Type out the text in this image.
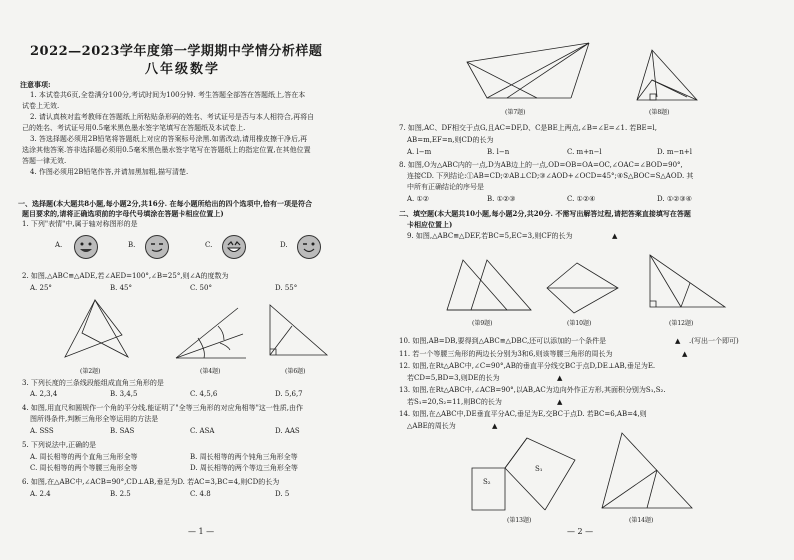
2022—2023学年度第一学期期中学情分析样题
八年级数学
注意事项:
1. 本试卷共6页,全卷满分100分,考试时间为100分钟. 考生答题全部答在答题纸上,答在本
试卷上无效.
2. 请认真核对监考教师在答题纸上所粘贴条形码的姓名、考试证号是否与本人相符合,再将自
己的姓名、考试证号用0.5毫米黑色墨水签字笔填写在答题纸及本试卷上.
3. 答选择题必须用2B铅笔将答题纸上对应的答案标号涂黑.如需改动,请用橡皮擦干净后,再
选涂其他答案.答非选择题必须用0.5毫米黑色墨水签字笔写在答题纸上的指定位置,在其他位置
答题一律无效.
4. 作图必须用2B铅笔作答,并请加黑加粗,描写清楚.
一、选择题(本大题共8小题,每小题2分,共16分. 在每小题所给出的四个选项中,恰有一项是符合
题目要求的,请将正确选项前的字母代号填涂在答题卡相应位置上)
1. 下列"表情"中,属于轴对称图形的是
A.	B.	C.	D.
2. 如图,△ABC≌△ADE,若∠AED=100°,∠B=25°,则∠A的度数为
A. 25°	B. 45°	C. 50°	D. 55°
(第2题)	(第4题)	(第6题)
3. 下列长度的三条线段能组成直角三角形的是
A. 2,3,4	B. 3,4,5	C. 4,5,6	D. 5,6,7
4. 如图,用直尺和圆规作一个角的平分线,能证明了"全等三角形的对应角相等"这一性质,由作
图所得条件,判断三角形全等运用的方法是
A. SSS	B. SAS	C. ASA	D. AAS
5. 下列说法中,正确的是
A. 周长相等的两个直角三角形全等	B. 周长相等的两个钝角三角形全等
C. 周长相等的两个等腰三角形全等	D. 周长相等的两个等边三角形全等
6. 如图,在△ABC中,∠ACB=90°,CD⊥AB,垂足为D. 若AC=3,BC=4,则CD的长为
A. 2.4	B. 2.5	C. 4.8	D. 5
— 1 —
(第7题)	(第8题)
7. 如图,AC、DF相交于点G,且AC=DF,D、C是BE上两点,∠B=∠E=∠1. 若BE=l,
AB=m,EF=n,则CD的长为
A. l−m	B. l−n	C. m+n−l	D. m−n+l
8. 如图,O为△ABC内的一点,D为AB边上的一点,OD=OB=OA=OC,∠OAC=∠BOD=90°,
连接CD. 下列结论:①AB=CD;②AB⊥CD;③∠AOD+∠OCD=45°;④S△BOC=S△AOD. 其
中所有正确结论的序号是
A. ①②	B. ①②③	C. ①②④	D. ①②③④
二、填空题(本大题共10小题,每小题2分,共20分. 不需写出解答过程,请把答案直接填写在答题
卡相应位置上)
9. 如图,△ABC≌△DEF,若BC=5,EC=3,则CF的长为	▲
(第9题)	(第10题)	(第12题)
10. 如图,AB=DB,要得到△ABC≌△DBC,还可以添加的一个条件是	▲ .(写出一个即可)
11. 若一个等腰三角形的两边长分别为3和6,则该等腰三角形的周长为	▲
12. 如图,在Rt△ABC中,∠C=90°,AB的垂直平分线交BC于点D,DE⊥AB,垂足为E.
若CD=5,BD=3,则DE的长为	▲
13. 如图,在Rt△ABC中,∠ACB=90°,以AB,AC为边向外作正方形,其面积分别为S₁,S₂.
若S₁=20,S₂=11,则BC的长为	▲
14. 如图,在△ABC中,DE垂直平分AC,垂足为E,交BC于点D. 若BC=6,AB=4,则
△ABE的周长为	▲
S₂
S₁
(第13题)	(第14题)
— 2 —
